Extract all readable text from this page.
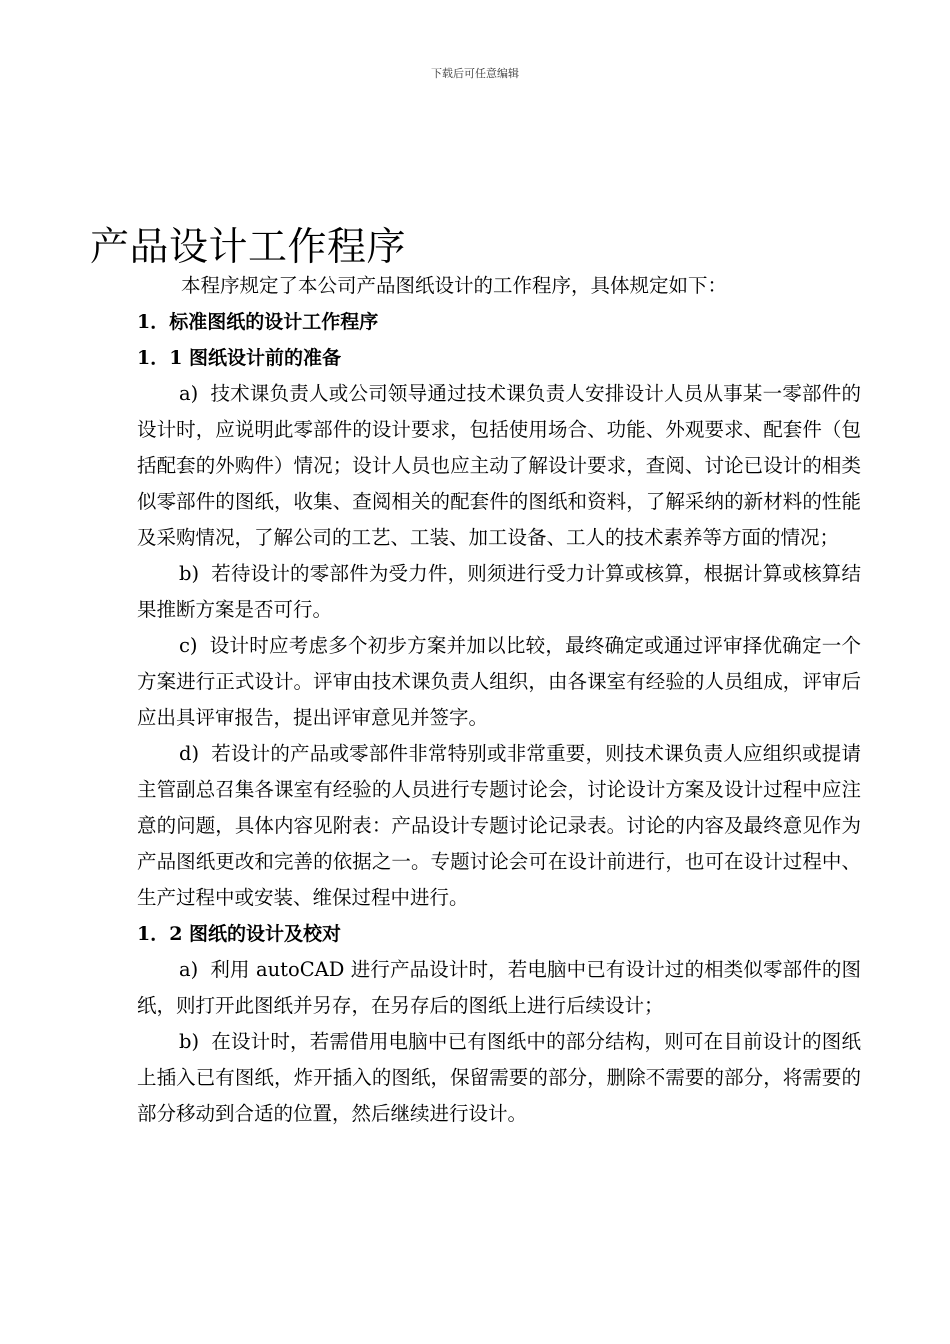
下载后可任意编辑
产品设计工作程序

本程序规定了本公司产品图纸设计的工作程序，具体规定如下：

1．标准图纸的设计工作程序

1．1 图纸设计前的准备

a) 技术课负责人或公司领导通过技术课负责人安排设计人员从事某一零部件的设计时，应说明此零部件的设计要求，包括使用场合、功能、外观要求、配套件（包括配套的外购件）情况；设计人员也应主动了解设计要求，查阅、讨论已设计的相类似零部件的图纸，收集、查阅相关的配套件的图纸和资料，了解采纳的新材料的性能及采购情况，了解公司的工艺、工装、加工设备、工人的技术素养等方面的情况；

b) 若待设计的零部件为受力件，则须进行受力计算或核算，根据计算或核算结果推断方案是否可行。

c) 设计时应考虑多个初步方案并加以比较，最终确定或通过评审择优确定一个方案进行正式设计。评审由技术课负责人组织，由各课室有经验的人员组成，评审后应出具评审报告，提出评审意见并签字。

d) 若设计的产品或零部件非常特别或非常重要，则技术课负责人应组织或提请主管副总召集各课室有经验的人员进行专题讨论会，讨论设计方案及设计过程中应注意的问题，具体内容见附表：产品设计专题讨论记录表。讨论的内容及最终意见作为产品图纸更改和完善的依据之一。专题讨论会可在设计前进行，也可在设计过程中、生产过程中或安装、维保过程中进行。

1．2 图纸的设计及校对

a) 利用 autoCAD 进行产品设计时，若电脑中已有设计过的相类似零部件的图纸，则打开此图纸并另存，在另存后的图纸上进行后续设计；

b) 在设计时，若需借用电脑中已有图纸中的部分结构，则可在目前设计的图纸上插入已有图纸，炸开插入的图纸，保留需要的部分，删除不需要的部分，将需要的部分移动到合适的位置，然后继续进行设计。
